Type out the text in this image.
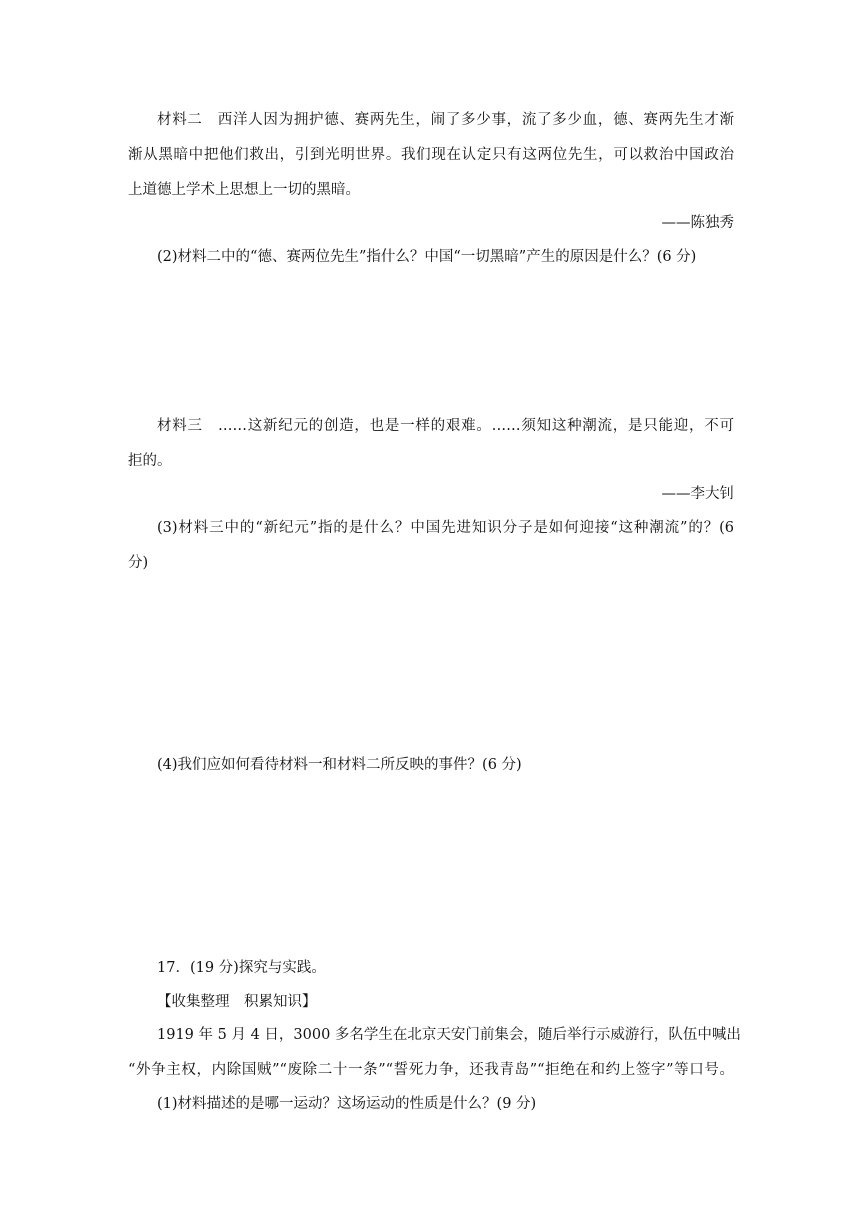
材料二　西洋人因为拥护德、赛两先生，闹了多少事，流了多少血，德、赛两先生才渐
渐从黑暗中把他们救出，引到光明世界。我们现在认定只有这两位先生，可以救治中国政治
上道德上学术上思想上一切的黑暗。
——陈独秀
(2)材料二中的“德、赛两位先生”指什么？中国“一切黑暗”产生的原因是什么？(6 分)
材料三　……这新纪元的创造，也是一样的艰难。……须知这种潮流，是只能迎，不可
拒的。
——李大钊
(3)材料三中的“新纪元”指的是什么？中国先进知识分子是如何迎接“这种潮流”的？(6
分)
(4)我们应如何看待材料一和材料二所反映的事件？(6 分)
17．(19 分)探究与实践。
【收集整理　积累知识】
1919 年 5 月 4 日，3000 多名学生在北京天安门前集会，随后举行示威游行，队伍中喊出
“外争主权，内除国贼”“废除二十一条”“誓死力争，还我青岛”“拒绝在和约上签字”等口号。
(1)材料描述的是哪一运动？这场运动的性质是什么？(9 分)
